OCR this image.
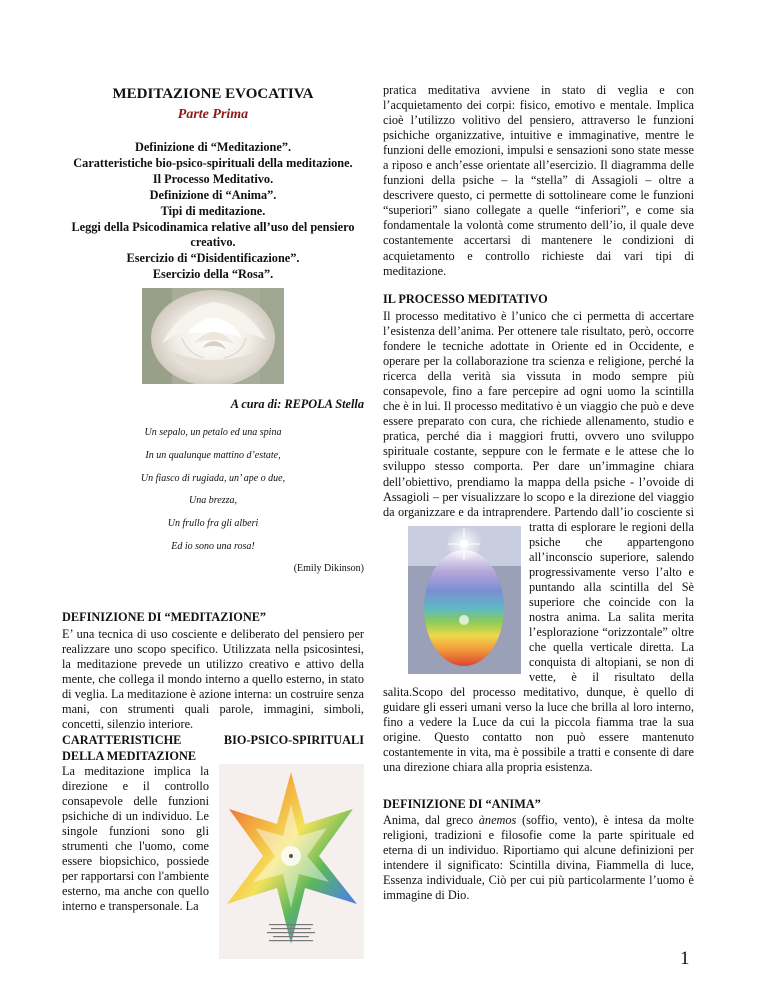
MEDITAZIONE EVOCATIVA

Parte Prima

Definizione di “Meditazione”.
Caratteristiche bio-psico-spirituali della meditazione.
Il Processo Meditativo.
Definizione di “Anima”.
Tipi di meditazione.
Leggi della Psicodinamica relative all’uso del pensiero creativo.
Esercizio di “Disidentificazione”.
Esercizio della “Rosa”.

A cura di: REPOLA Stella

Un sepalo, un petalo ed una spina
In un qualunque mattino d’estate,
Un fiasco di rugiada, un’ ape o due,
Una brezza,
Un frullo fra gli alberi
Ed io sono una rosa!

(Emily Dikinson)

DEFINIZIONE DI “MEDITAZIONE”

E’ una tecnica di uso cosciente e deliberato del pensiero per realizzare uno scopo specifico. Utilizzata nella psicosintesi, la meditazione prevede un utilizzo creativo e attivo della mente, che collega il mondo interno a quello esterno, in stato di veglia. La meditazione è azione interna: un costruire senza mani, con strumenti quali parole, immagini, simboli, concetti, silenzio interiore.

CARATTERISTICHE BIO-PSICO-SPIRITUALI

DELLA MEDITAZIONE

La meditazione implica la direzione e il controllo consapevole delle funzioni psichiche di un individuo. Le singole funzioni sono gli strumenti che l'uomo, come essere biopsichico, possiede per rapportarsi con l'ambiente esterno, ma anche con quello interno e transpersonale. La

pratica meditativa avviene in stato di veglia e con l’acquietamento dei corpi: fisico, emotivo e mentale. Implica cioè l’utilizzo volitivo del pensiero, attraverso le funzioni psichiche organizzative, intuitive e immaginative, mentre le funzioni delle emozioni, impulsi e sensazioni sono state messe a riposo e anch’esse orientate all’esercizio. Il diagramma delle funzioni della psiche – la “stella” di Assagioli – oltre a descrivere questo, ci permette di sottolineare come le funzioni “superiori” siano collegate a quelle “inferiori”, e come sia fondamentale la volontà come strumento dell’io, il quale deve costantemente accertarsi di mantenere le condizioni di acquietamento e controllo richieste dai vari tipi di meditazione.

IL PROCESSO MEDITATIVO

Il processo meditativo è l’unico che ci permetta di accertare l’esistenza dell’anima. Per ottenere tale risultato, però, occorre fondere le tecniche adottate in Oriente ed in Occidente, e operare per la collaborazione tra scienza e religione, perché la ricerca della verità sia vissuta in modo sempre più consapevole, fino a fare percepire ad ogni uomo la scintilla che è in lui. Il processo meditativo è un viaggio che può e deve essere preparato con cura, che richiede allenamento, studio e pratica, perché dia i maggiori frutti, ovvero uno sviluppo spirituale costante, seppure con le fermate e le attese che lo sviluppo stesso comporta. Per dare un’immagine chiara dell’obiettivo, prendiamo la mappa della psiche - l’ovoide di Assagioli – per visualizzare lo scopo e la direzione del viaggio da organizzare e da intraprendere. Partendo dall’io cosciente si tratta di esplorare le regioni della psiche che appartengono all’inconscio superiore, salendo progressivamente verso l’alto e puntando alla scintilla del Sè superiore che coincide con la nostra anima. La salita merita l’esplorazione “orizzontale” oltre che quella verticale diretta. La conquista di altopiani, se non di vette, è il risultato della salita.Scopo del processo meditativo, dunque, è quello di guidare gli esseri umani verso la luce che brilla al loro interno, fino a vedere la Luce da cui la piccola fiamma trae la sua origine. Questo contatto non può essere mantenuto costantemente in vita, ma è possibile a tratti e consente di dare una direzione chiara alla propria esistenza.

DEFINIZIONE DI “ANIMA”

Anima, dal greco ànemos (soffio, vento), è intesa da molte religioni, tradizioni e filosofie come la parte spirituale ed eterna di un individuo. Riportiamo qui alcune definizioni per intendere il significato: Scintilla divina, Fiammella di luce, Essenza individuale, Ciò per cui più particolarmente l’uomo è immagine di Dio.

1
